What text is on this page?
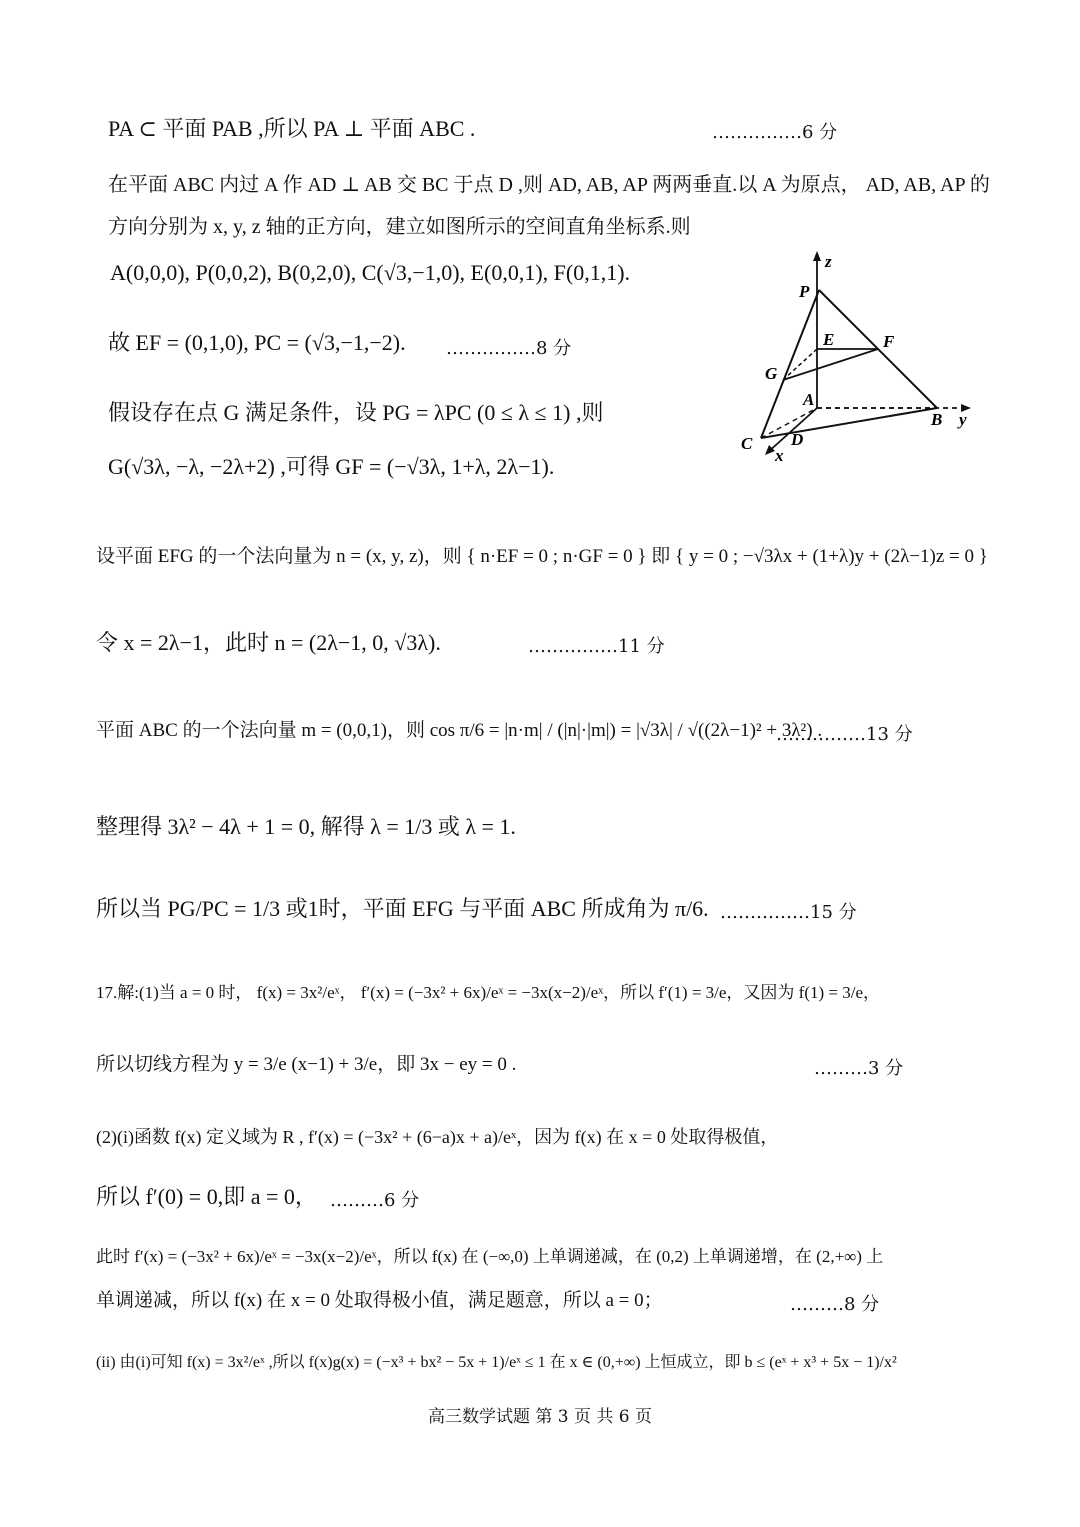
PA ⊂ 平面 PAB ,所以 PA ⊥ 平面 ABC .	……………6 分
在平面 ABC 内过 A 作 AD ⊥ AB 交 BC 于点 D ,则 AD, AB, AP 两两垂直.以 A 为原点， AD, AB, AP 的
方向分别为 x, y, z 轴的正方向，建立如图所示的空间直角坐标系.则
A(0,0,0), P(0,0,2), B(0,2,0), C(√3,−1,0), E(0,0,1), F(0,1,1).
故 EF = (0,1,0), PC = (√3,−1,−2). ……………8 分
假设存在点 G 满足条件，设 PG = λPC (0 ≤ λ ≤ 1) ,则
G(√3λ, −λ, −2λ+2) ,可得 GF = (−√3λ, 1+λ, 2λ−1).
设平面 EFG 的一个法向量为 n = (x, y, z)，则 { n·EF = 0 ; n·GF = 0 } 即 { y = 0 ; −√3λx + (1+λ)y + (2λ−1)z = 0 }
令 x = 2λ−1，此时 n = (2λ−1, 0, √3λ).	……………11 分
平面 ABC 的一个法向量 m = (0,0,1)，则 cos π/6 = |n·m| / (|n|·|m|) = |√3λ| / √((2λ−1)² + 3λ²) .
……………13 分
整理得 3λ² − 4λ + 1 = 0, 解得 λ = 1/3 或 λ = 1.
所以当 PG/PC = 1/3 或1时，平面 EFG 与平面 ABC 所成角为 π/6. ……………15 分
17.解:(1)当 a = 0 时， f(x) = 3x²/eˣ， f′(x) = (−3x² + 6x)/eˣ = −3x(x−2)/eˣ，所以 f′(1) = 3/e，又因为 f(1) = 3/e，
所以切线方程为 y = 3/e (x−1) + 3/e，即 3x − ey = 0 .	………3 分
(2)(i)函数 f(x) 定义域为 R , f′(x) = (−3x² + (6−a)x + a)/eˣ，因为 f(x) 在 x = 0 处取得极值，
所以 f′(0) = 0,即 a = 0， ………6 分
此时 f′(x) = (−3x² + 6x)/eˣ = −3x(x−2)/eˣ，所以 f(x) 在 (−∞,0) 上单调递减，在 (0,2) 上单调递增，在 (2,+∞) 上
单调递减，所以 f(x) 在 x = 0 处取得极小值，满足题意，所以 a = 0；	………8 分
(ii) 由(i)可知 f(x) = 3x²/eˣ ,所以 f(x)g(x) = (−x³ + bx² − 5x + 1)/eˣ ≤ 1 在 x ∈ (0,+∞) 上恒成立，即 b ≤ (eˣ + x³ + 5x − 1)/x²
z
P
E	F
G
A
B y
C D
x
高三数学试题 第 3 页 共 6 页
